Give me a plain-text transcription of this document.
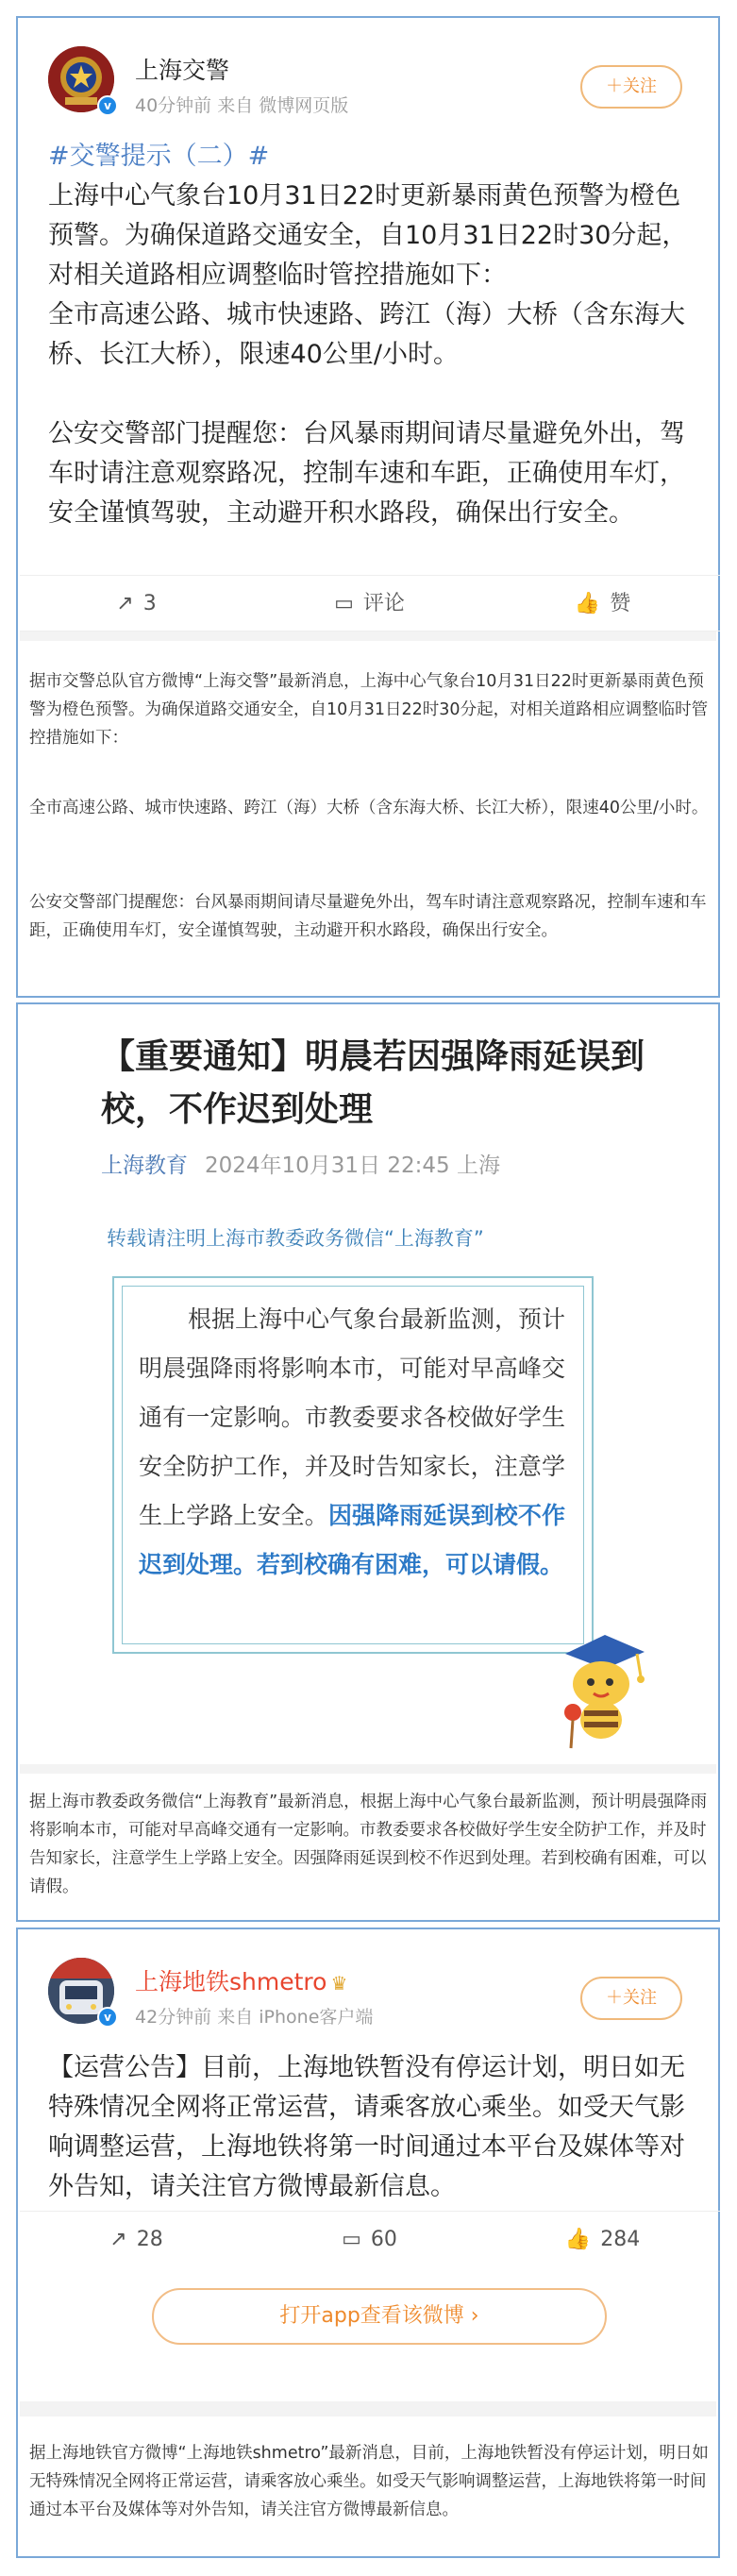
v
上海交警
40分钟前 来自 微博网页版
＋关注
#交警提示（二）#
上海中心气象台10月31日22时更新暴雨黄色预警为橙色预警。为确保道路交通安全，自10月31日22时30分起，对相关道路相应调整临时管控措施如下：
全市高速公路、城市快速路、跨江（海）大桥（含东海大桥、长江大桥），限速40公里/小时。
公安交警部门提醒您：台风暴雨期间请尽量避免外出，驾车时请注意观察路况，控制车速和车距，正确使用车灯，安全谨慎驾驶，主动避开积水路段，确保出行安全。
↗ 3	▭ 评论	👍 赞
据市交警总队官方微博“上海交警”最新消息，上海中心气象台10月31日22时更新暴雨黄色预警为橙色预警。为确保道路交通安全，自10月31日22时30分起，对相关道路相应调整临时管控措施如下：
全市高速公路、城市快速路、跨江（海）大桥（含东海大桥、长江大桥），限速40公里/小时。
公安交警部门提醒您：台风暴雨期间请尽量避免外出，驾车时请注意观察路况，控制车速和车距，正确使用车灯，安全谨慎驾驶，主动避开积水路段，确保出行安全。
【重要通知】明晨若因强降雨延误到校，不作迟到处理
上海教育 2024年10月31日 22:45 上海
转载请注明上海市教委政务微信“上海教育”
根据上海中心气象台最新监测，预计明晨强降雨将影响本市，可能对早高峰交通有一定影响。市教委要求各校做好学生安全防护工作，并及时告知家长，注意学生上学路上安全。因强降雨延误到校不作迟到处理。若到校确有困难，可以请假。
据上海市教委政务微信“上海教育”最新消息，根据上海中心气象台最新监测，预计明晨强降雨将影响本市，可能对早高峰交通有一定影响。市教委要求各校做好学生安全防护工作，并及时告知家长，注意学生上学路上安全。因强降雨延误到校不作迟到处理。若到校确有困难，可以请假。
v
上海地铁shmetro ♛
42分钟前 来自 iPhone客户端
＋关注
【运营公告】目前，上海地铁暂没有停运计划，明日如无特殊情况全网将正常运营，请乘客放心乘坐。如受天气影响调整运营，上海地铁将第一时间通过本平台及媒体等对外告知，请关注官方微博最新信息。
↗ 28	▭ 60	👍 284
打开app查看该微博 ›
据上海地铁官方微博“上海地铁shmetro”最新消息，目前，上海地铁暂没有停运计划，明日如无特殊情况全网将正常运营，请乘客放心乘坐。如受天气影响调整运营，上海地铁将第一时间通过本平台及媒体等对外告知，请关注官方微博最新信息。
